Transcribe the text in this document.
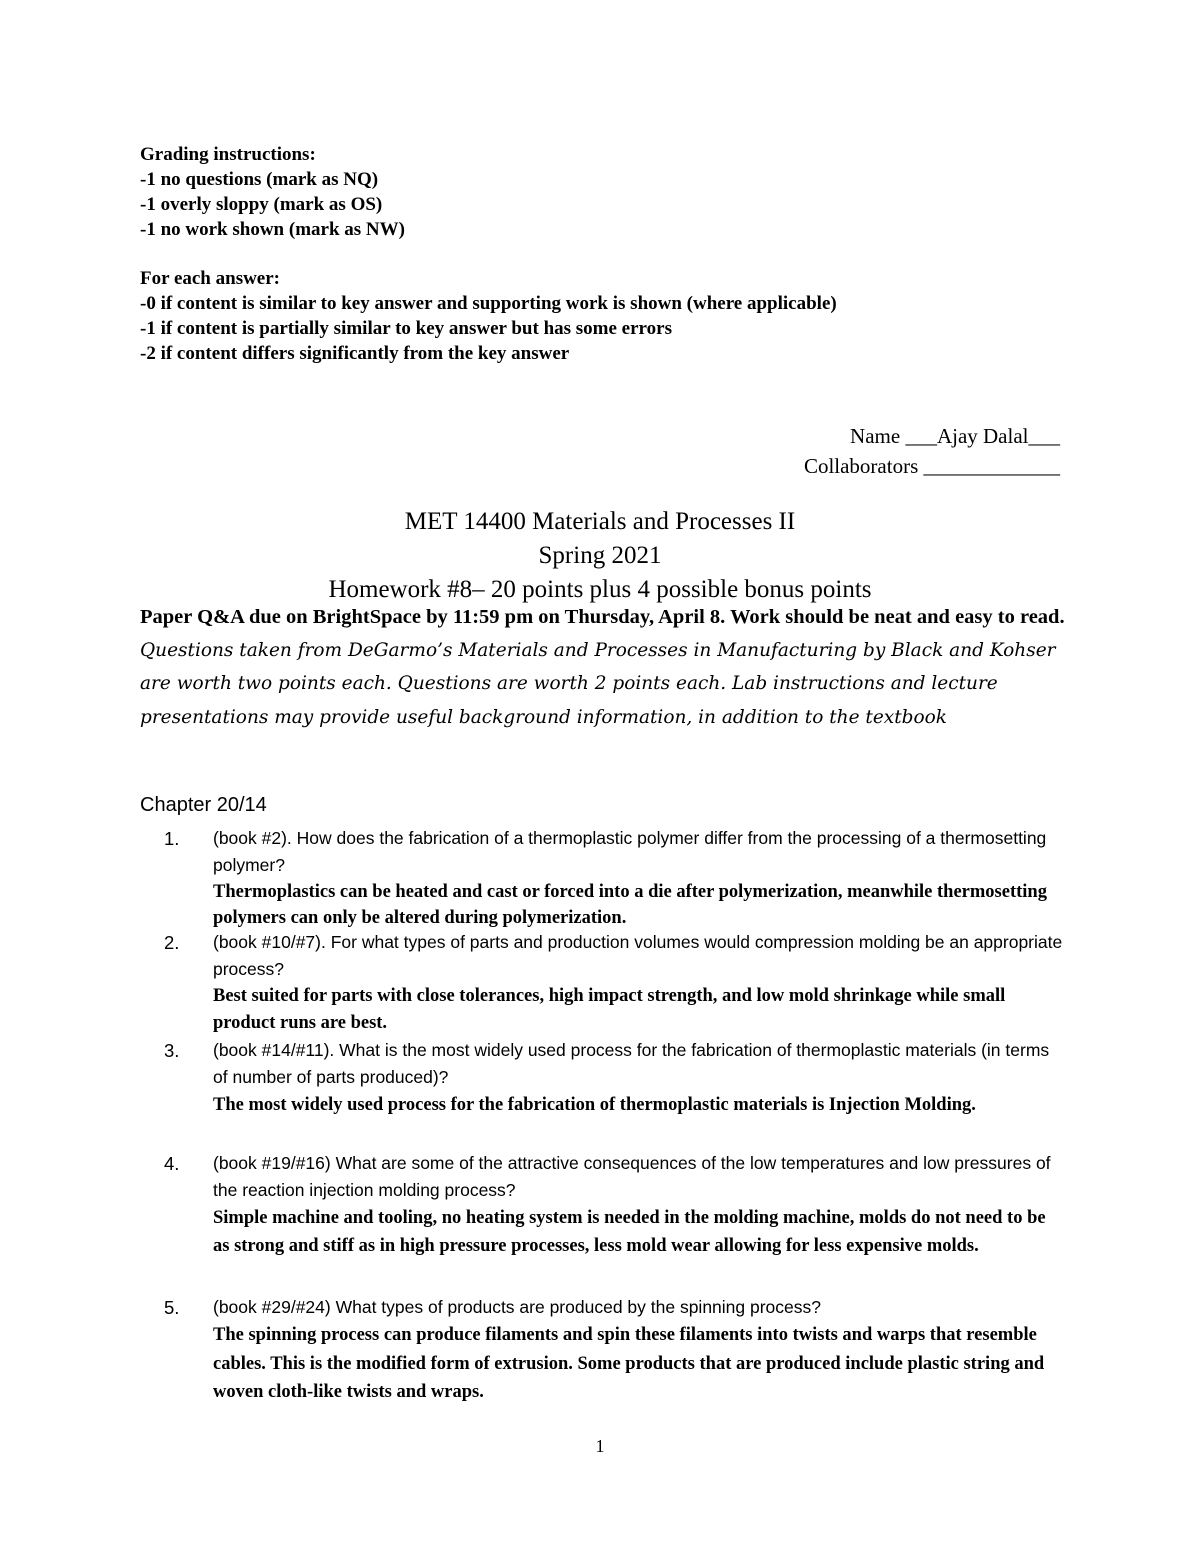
Grading instructions:
-1 no questions (mark as NQ)
-1 overly sloppy (mark as OS)
-1 no work shown (mark as NW)
For each answer:
-0 if content is similar to key answer and supporting work is shown (where applicable)
-1 if content is partially similar to key answer but has some errors
-2 if content differs significantly from the key answer
Name ___Ajay Dalal___
Collaborators _____________
MET 14400 Materials and Processes II
Spring 2021
Homework #8– 20 points plus 4 possible bonus points
Paper Q&A due on BrightSpace by 11:59 pm on Thursday, April 8. Work should be neat and easy to read. Questions taken from DeGarmo’s Materials and Processes in Manufacturing by Black and Kohser are worth two points each. Questions are worth 2 points each. Lab instructions and lecture presentations may provide useful background information, in addition to the textbook
Chapter 20/14
1. (book #2). How does the fabrication of a thermoplastic polymer differ from the processing of a thermosetting polymer?
Thermoplastics can be heated and cast or forced into a die after polymerization, meanwhile thermosetting polymers can only be altered during polymerization.
2. (book #10/#7). For what types of parts and production volumes would compression molding be an appropriate process?
Best suited for parts with close tolerances, high impact strength, and low mold shrinkage while small product runs are best.
3. (book #14/#11). What is the most widely used process for the fabrication of thermoplastic materials (in terms of number of parts produced)?
The most widely used process for the fabrication of thermoplastic materials is Injection Molding.
4. (book #19/#16) What are some of the attractive consequences of the low temperatures and low pressures of the reaction injection molding process?
Simple machine and tooling, no heating system is needed in the molding machine, molds do not need to be as strong and stiff as in high pressure processes, less mold wear allowing for less expensive molds.
5. (book #29/#24) What types of products are produced by the spinning process?
The spinning process can produce filaments and spin these filaments into twists and warps that resemble cables. This is the modified form of extrusion. Some products that are produced include plastic string and woven cloth-like twists and wraps.
1
